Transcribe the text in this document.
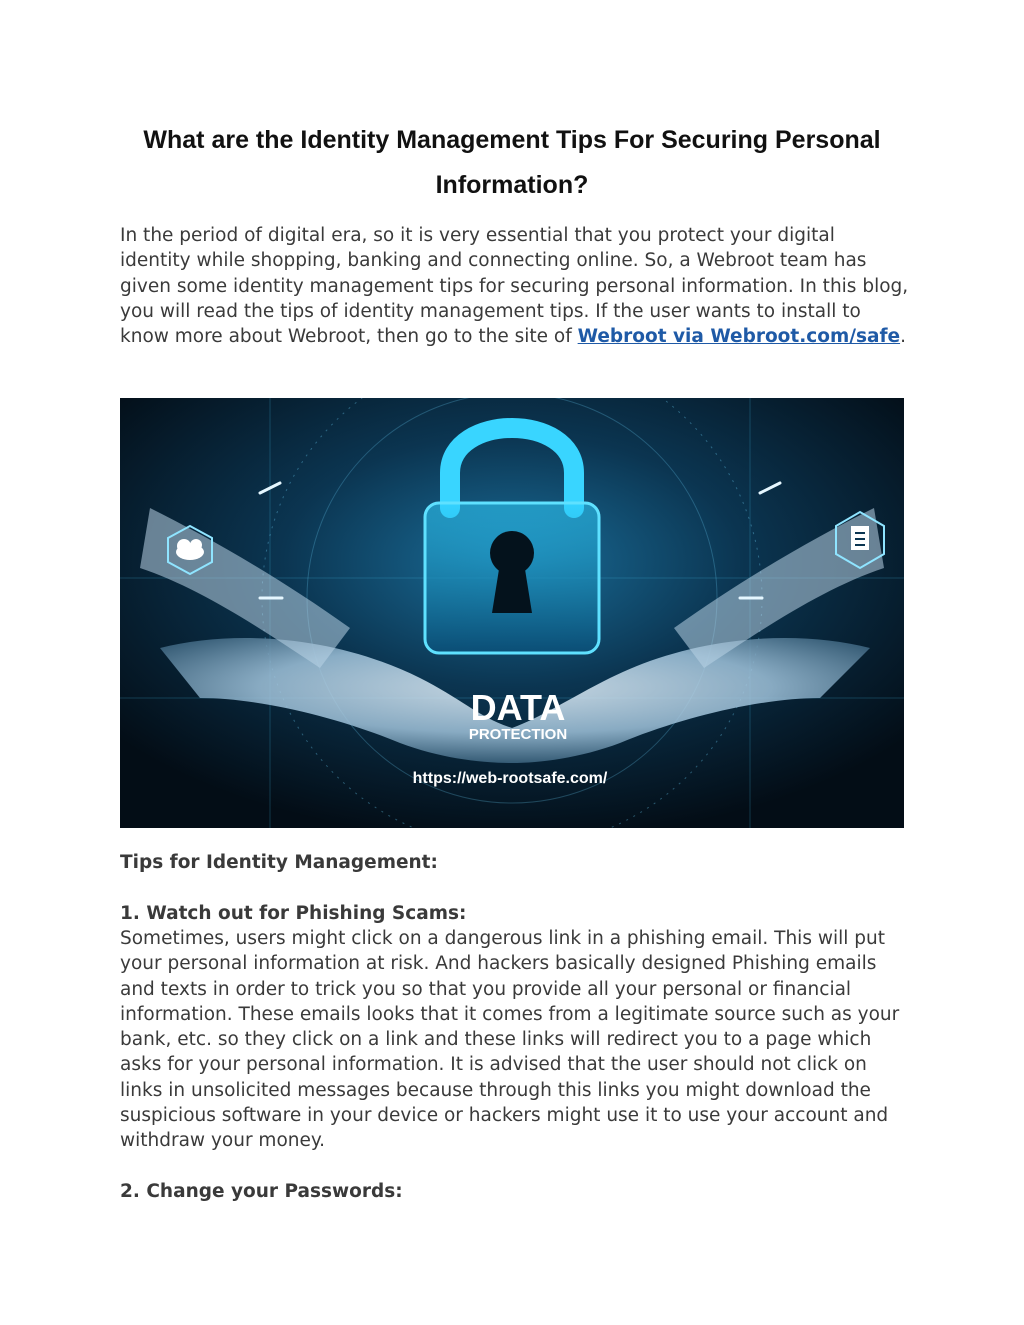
What are the Identity Management Tips For Securing Personal Information?

In the period of digital era, so it is very essential that you protect your digital identity while shopping, banking and connecting online. So, a Webroot team has given some identity management tips for securing personal information. In this blog, you will read the tips of identity management tips. If the user wants to install to know more about Webroot, then go to the site of Webroot via Webroot.com/safe.

DATA
PROTECTION
https://web-rootsafe.com/
Tips for Identity Management:
1. Watch out for Phishing Scams:

Sometimes, users might click on a dangerous link in a phishing email. This will put your personal information at risk. And hackers basically designed Phishing emails and texts in order to trick you so that you provide all your personal or financial information. These emails looks that it comes from a legitimate source such as your bank, etc. so they click on a link and these links will redirect you to a page which asks for your personal information. It is advised that the user should not click on links in unsolicited messages because through this links you might download the suspicious software in your device or hackers might use it to use your account and withdraw your money.

2. Change your Passwords:
